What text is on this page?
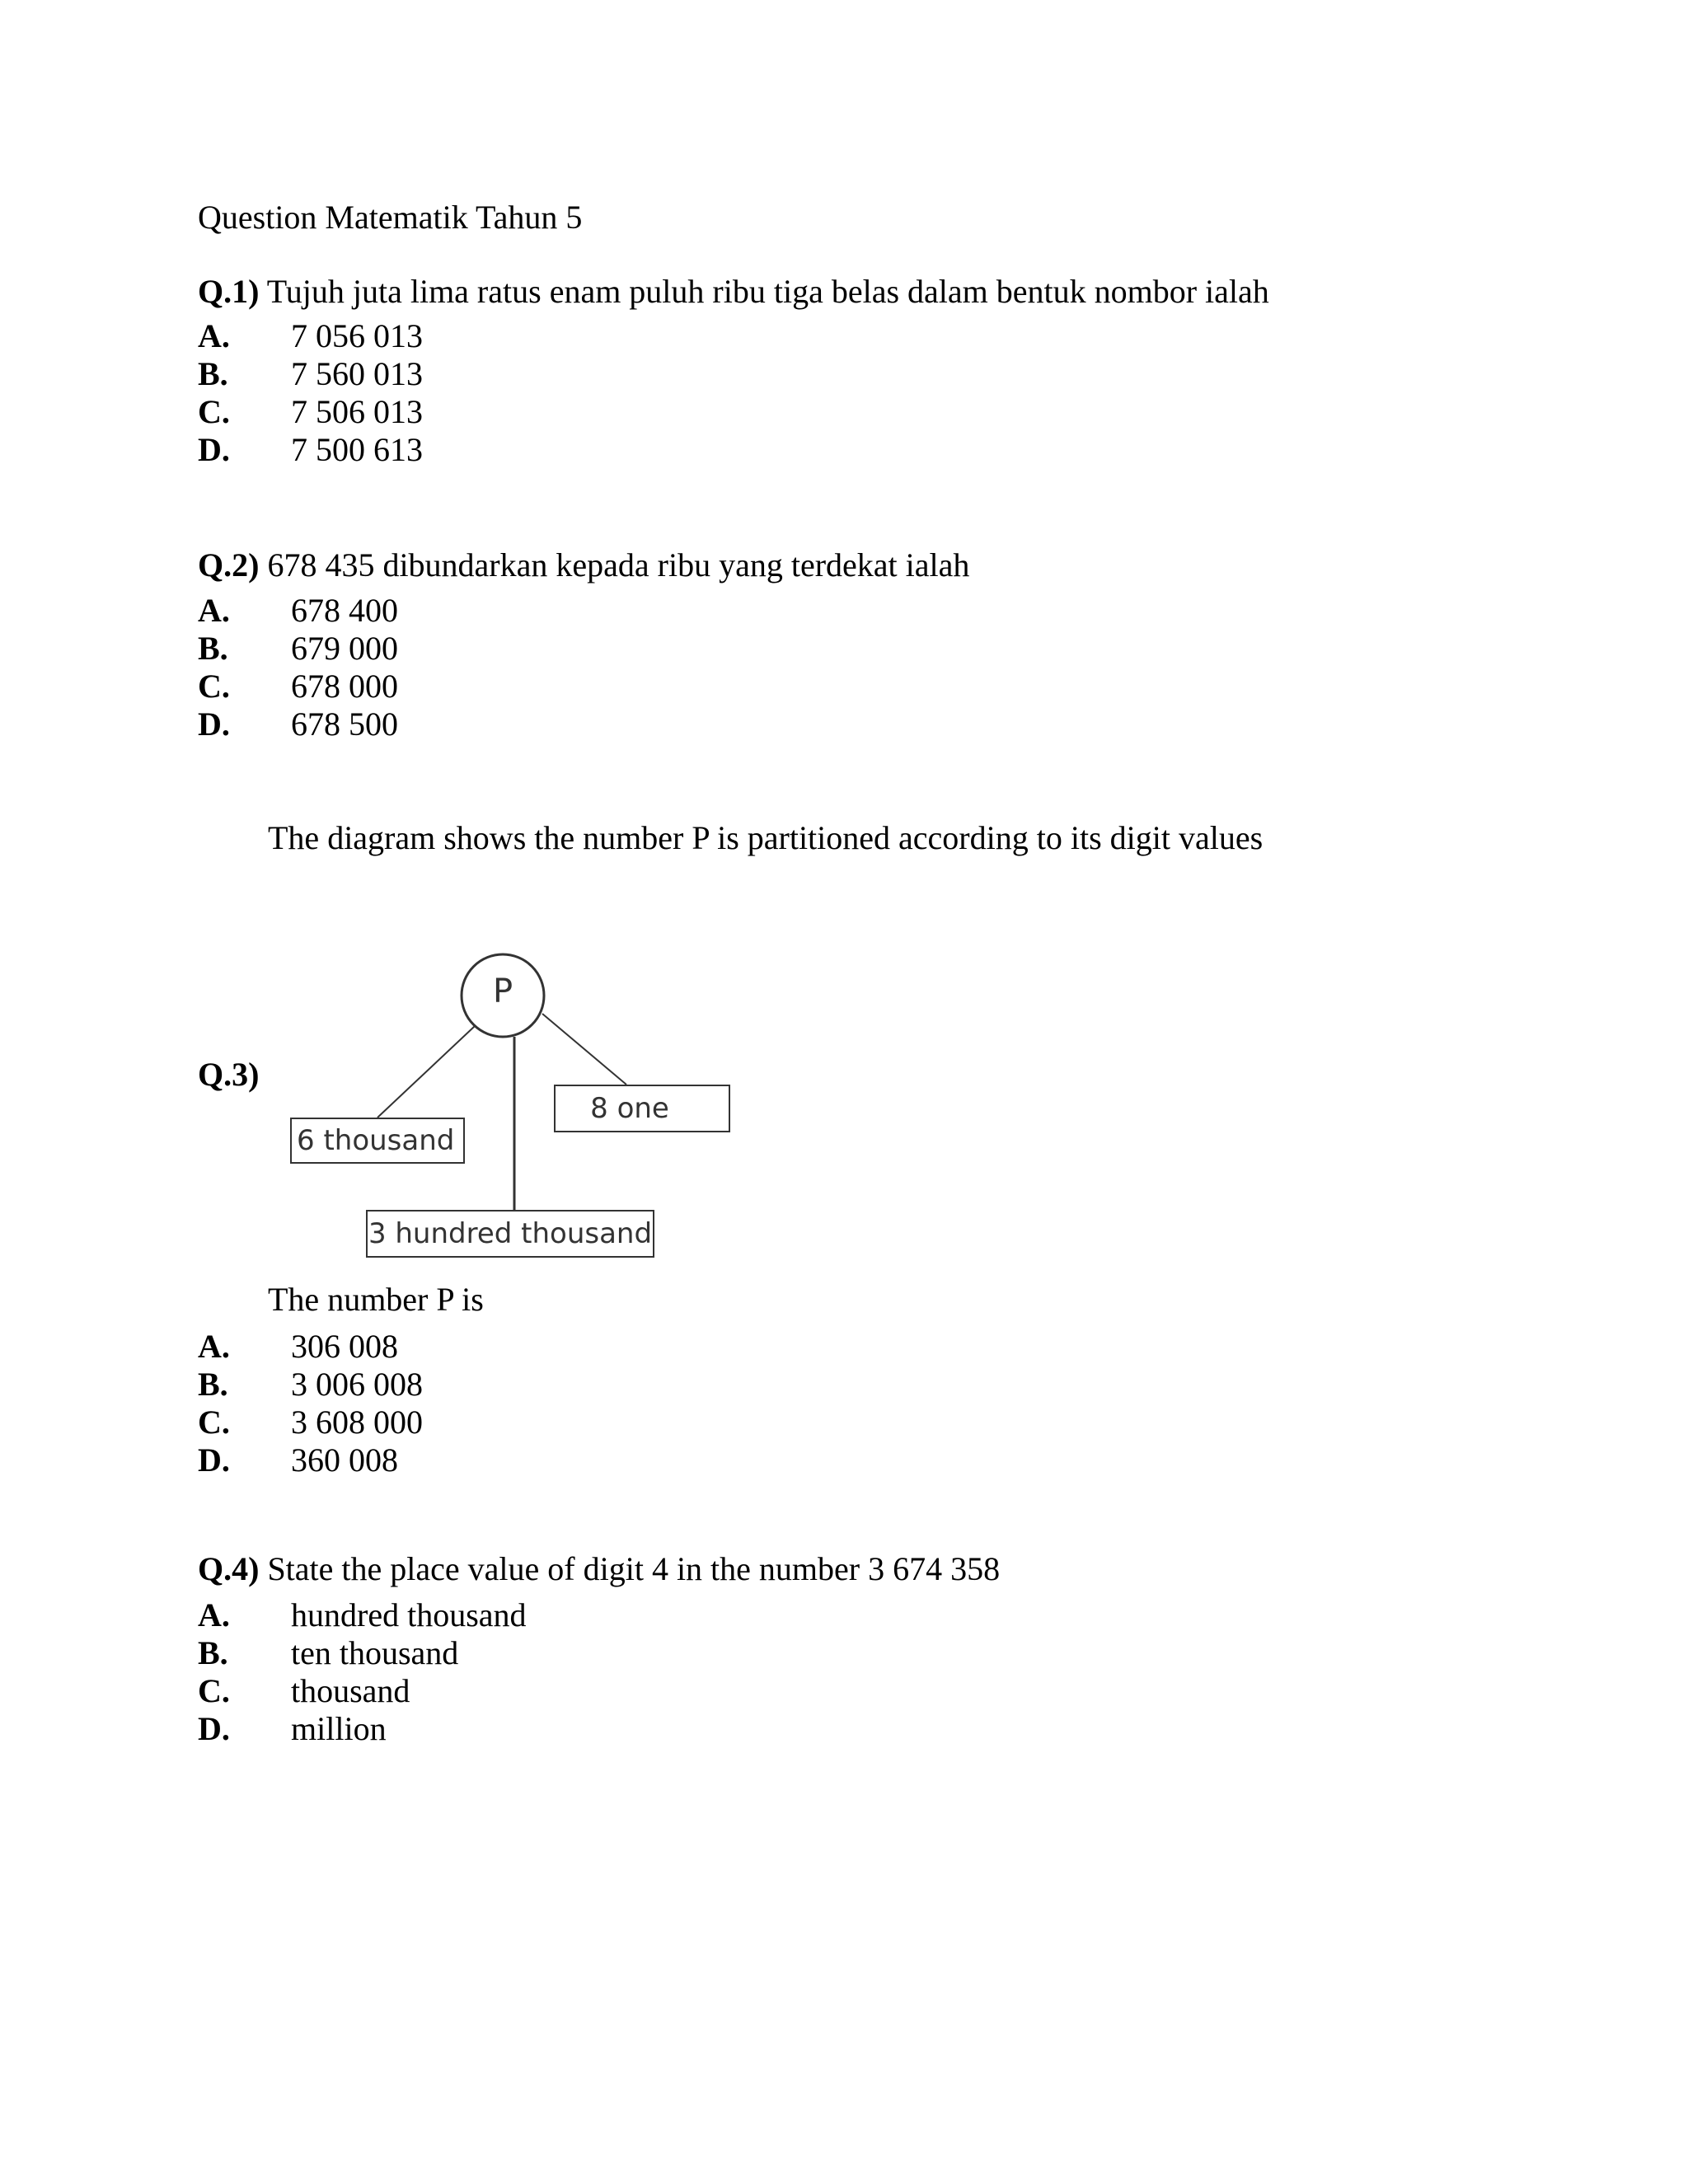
Question Matematik Tahun 5
Q.1) Tujuh juta lima ratus enam puluh ribu tiga belas dalam bentuk nombor ialah
A.	7 056 013
B.	7 560 013
C.	7 506 013
D.	7 500 613
Q.2) 678 435 dibundarkan kepada ribu yang terdekat ialah
A.	678 400
B.	679 000
C.	678 000
D.	678 500
The diagram shows the number P is partitioned according to its digit values
Q.3)
P
6 thousand
8 one
3 hundred thousand
The number P is
A.	306 008
B.	3 006 008
C.	3 608 000
D.	360 008
Q.4) State the place value of digit 4 in the number 3 674 358
A.	hundred thousand
B.	ten thousand
C.	thousand
D.	million
